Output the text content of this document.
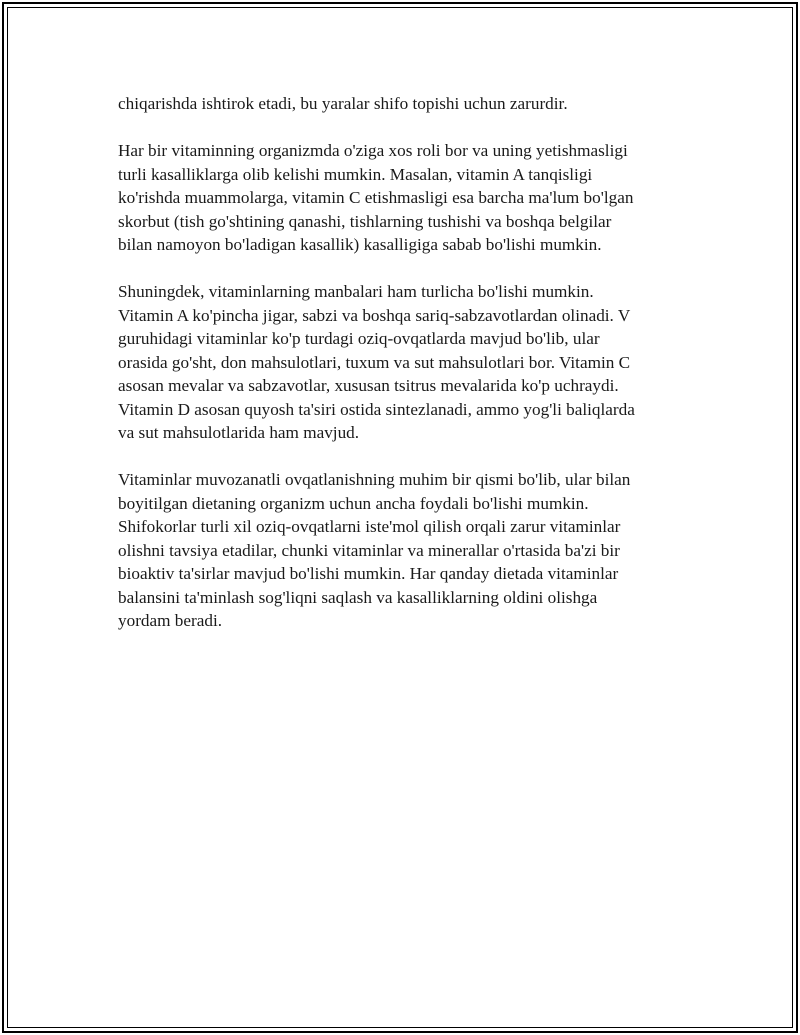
chiqarishda ishtirok etadi, bu yaralar shifo topishi uchun zarurdir.

Har bir vitaminning organizmda o'ziga xos roli bor va uning yetishmasligi
turli kasalliklarga olib kelishi mumkin. Masalan, vitamin A tanqisligi
ko'rishda muammolarga, vitamin C etishmasligi esa barcha ma'lum bo'lgan
skorbut (tish go'shtining qanashi, tishlarning tushishi va boshqa belgilar
bilan namoyon bo'ladigan kasallik) kasalligiga sabab bo'lishi mumkin.

Shuningdek, vitaminlarning manbalari ham turlicha bo'lishi mumkin.
Vitamin A ko'pincha jigar, sabzi va boshqa sariq-sabzavotlardan olinadi. V
guruhidagi vitaminlar ko'p turdagi oziq-ovqatlarda mavjud bo'lib, ular
orasida go'sht, don mahsulotlari, tuxum va sut mahsulotlari bor. Vitamin C
asosan mevalar va sabzavotlar, xususan tsitrus mevalarida ko'p uchraydi.
Vitamin D asosan quyosh ta'siri ostida sintezlanadi, ammo yog'li baliqlarda
va sut mahsulotlarida ham mavjud.

Vitaminlar muvozanatli ovqatlanishning muhim bir qismi bo'lib, ular bilan
boyitilgan dietaning organizm uchun ancha foydali bo'lishi mumkin.
Shifokorlar turli xil oziq-ovqatlarni iste'mol qilish orqali zarur vitaminlar
olishni tavsiya etadilar, chunki vitaminlar va minerallar o'rtasida ba'zi bir
bioaktiv ta'sirlar mavjud bo'lishi mumkin. Har qanday dietada vitaminlar
balansini ta'minlash sog'liqni saqlash va kasalliklarning oldini olishga
yordam beradi.
